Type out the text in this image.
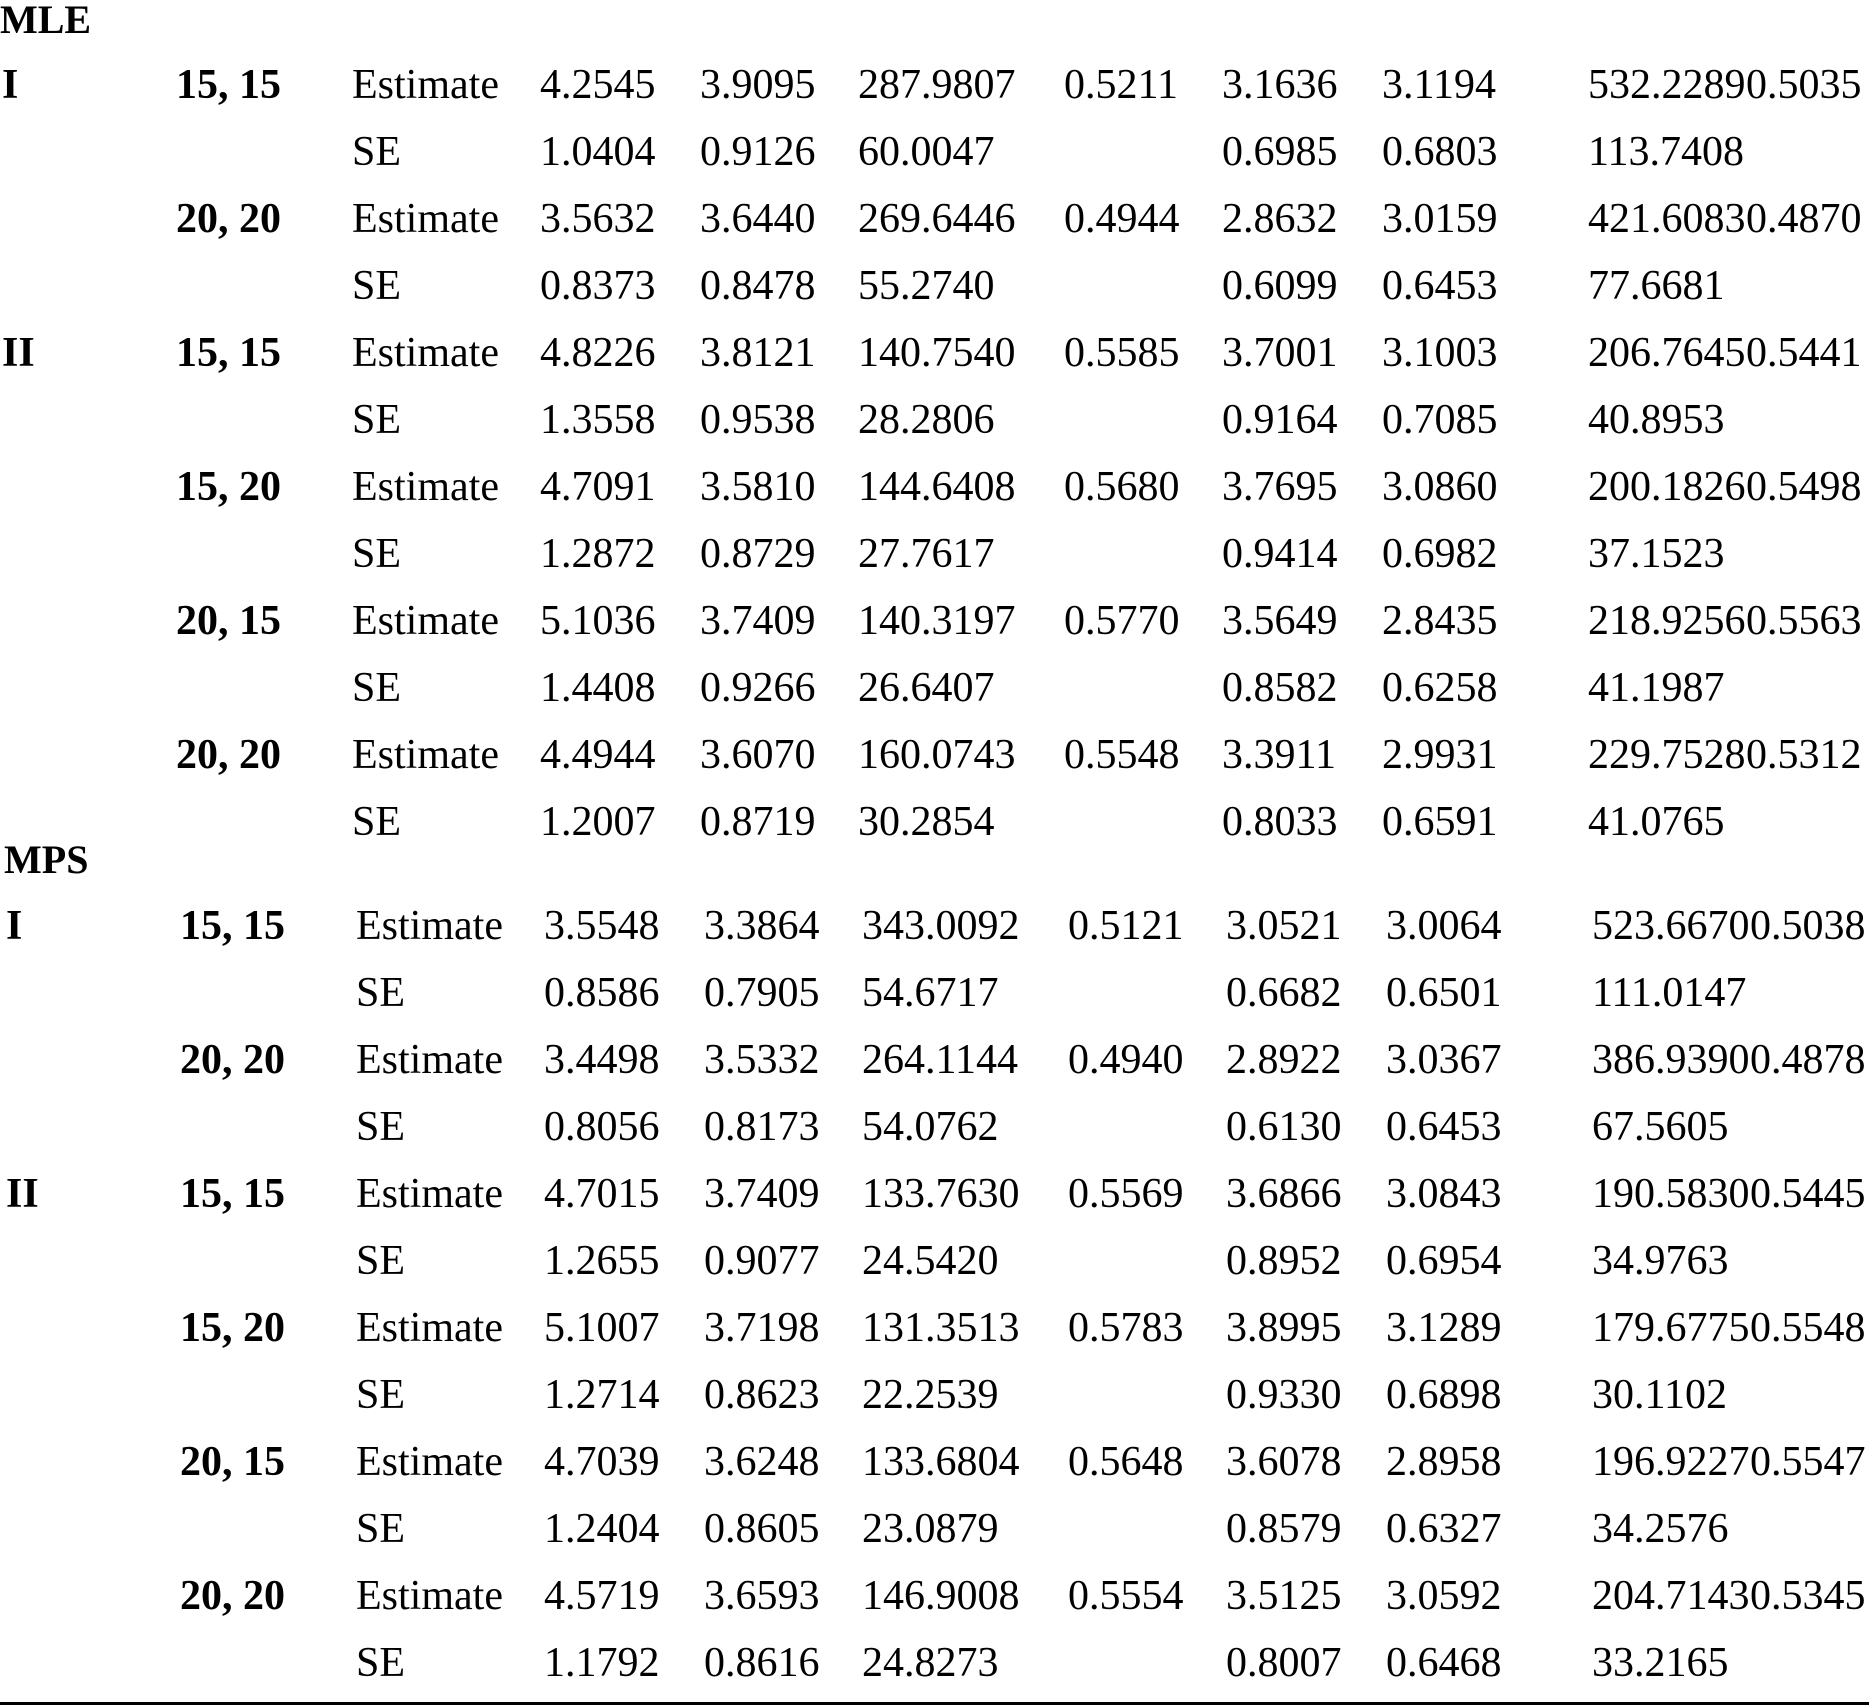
MLE
I	15, 15 Estimate 4.2545 3.9095 287.9807 0.5211 3.1636 3.1194 532.2289 0.5035
SE	1.0404 0.9126 60.0047	0.6985 0.6803 113.7408
20, 20 Estimate 3.5632 3.6440 269.6446 0.4944 2.8632 3.0159 421.6083 0.4870
SE	0.8373 0.8478 55.2740	0.6099 0.6453 77.6681
II	15, 15 Estimate 4.8226 3.8121 140.7540 0.5585 3.7001 3.1003 206.7645 0.5441
SE	1.3558 0.9538 28.2806	0.9164 0.7085 40.8953
15, 20 Estimate 4.7091 3.5810 144.6408 0.5680 3.7695 3.0860 200.1826 0.5498
SE	1.2872 0.8729 27.7617	0.9414 0.6982 37.1523
20, 15 Estimate 5.1036 3.7409 140.3197 0.5770 3.5649 2.8435 218.9256 0.5563
SE	1.4408 0.9266 26.6407	0.8582 0.6258 41.1987
20, 20 Estimate 4.4944 3.6070 160.0743 0.5548 3.3911 2.9931 229.7528 0.5312
SE	1.2007 0.8719 30.2854	0.8033 0.6591 41.0765
MPS
I	15, 15 Estimate 3.5548 3.3864 343.0092 0.5121 3.0521 3.0064 523.6670 0.5038
SE	0.8586 0.7905 54.6717	0.6682 0.6501 111.0147
20, 20 Estimate 3.4498 3.5332 264.1144 0.4940 2.8922 3.0367 386.9390 0.4878
SE	0.8056 0.8173 54.0762	0.6130 0.6453 67.5605
II	15, 15 Estimate 4.7015 3.7409 133.7630 0.5569 3.6866 3.0843 190.5830 0.5445
SE	1.2655 0.9077 24.5420	0.8952 0.6954 34.9763
15, 20 Estimate 5.1007 3.7198 131.3513 0.5783 3.8995 3.1289 179.6775 0.5548
SE	1.2714 0.8623 22.2539	0.9330 0.6898 30.1102
20, 15 Estimate 4.7039 3.6248 133.6804 0.5648 3.6078 2.8958 196.9227 0.5547
SE	1.2404 0.8605 23.0879	0.8579 0.6327 34.2576
20, 20 Estimate 4.5719 3.6593 146.9008 0.5554 3.5125 3.0592 204.7143 0.5345
SE	1.1792 0.8616 24.8273	0.8007 0.6468 33.2165
